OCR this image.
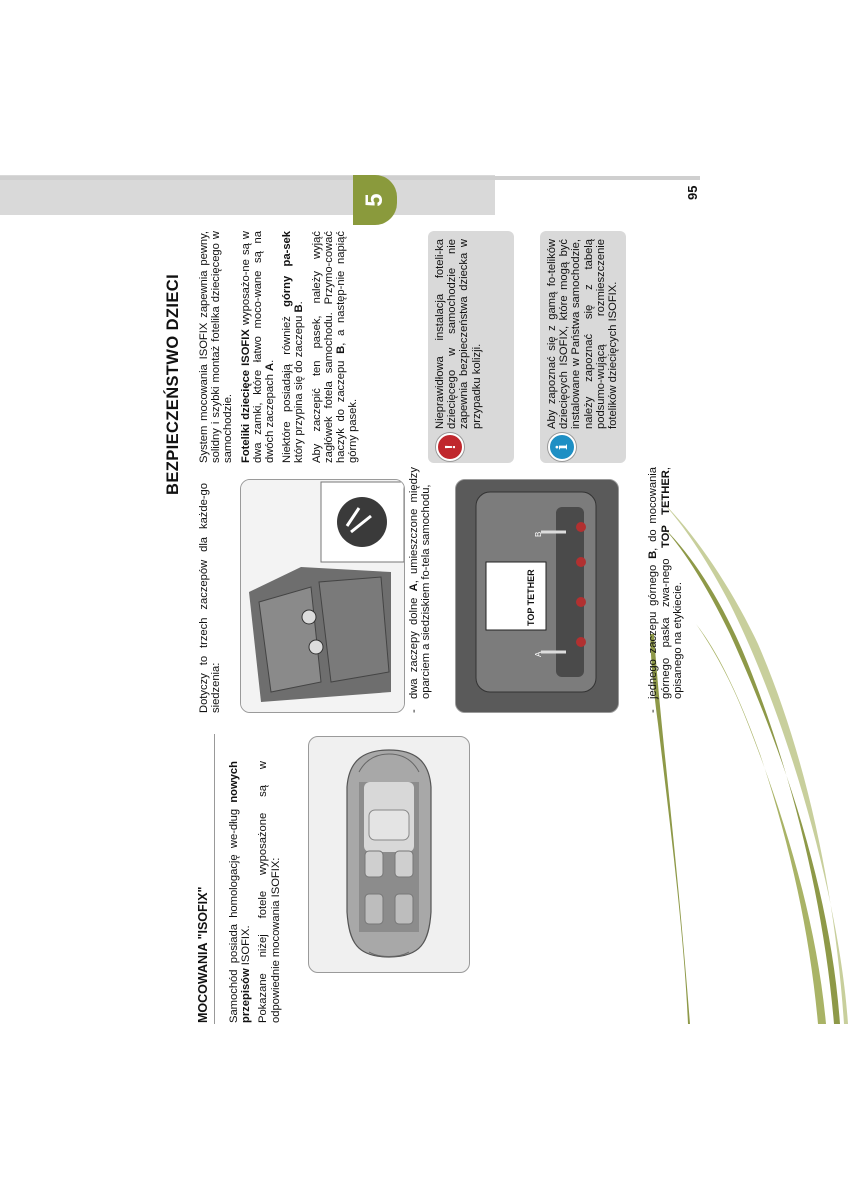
5
95
BEZPIECZEŃSTWO DZIECI
MOCOWANIA "ISOFIX" Samochód posiada homologację we-dług nowych przepisów ISOFIX. Pokazane niżej fotele wyposażone są w odpowiednie mocowania ISOFIX:

Dotyczy to trzech zaczepów dla każde-go siedzenia:	-
dwa zaczepy dolne A, umieszczone między oparciem a siedziskiem fo-tela samochodu,	TOP TETHER
A
B
-
jednego zaczepu górnego B, do mocowania górnego paska zwa-nego TOP TETHER, opisanego na etykiecie.

System mocowania ISOFIX zapewnia pewny, solidny i szybki montaż fotelika dziecięcego w samochodzie. Foteliki dziecięce ISOFIX wyposażo-ne są w dwa zamki, które łatwo moco-wane są na dwóch zaczepach A. Niektóre posiadają również górny pa-sek który przypina się do zaczepu B. Aby zaczepić ten pasek, należy wyjąć zagłówek fotela samochodu. Przymo-cować haczyk do zaczepu B, a następ-nie napiąć górny pasek.	!
Nieprawidłowa instalacja foteli-ka dziecięcego w samochodzie nie zapewnia bezpieczeństwa dziecka w przypadku kolizji.
i
Aby zapoznać się z gamą fo-telików dziecięcych ISOFIX, które mogą być instalowane w Państwa samochodzie, należy zapoznać się z tabelą podsumo-wującą rozmieszczenie fotelików dziecięcych ISOFIX.
